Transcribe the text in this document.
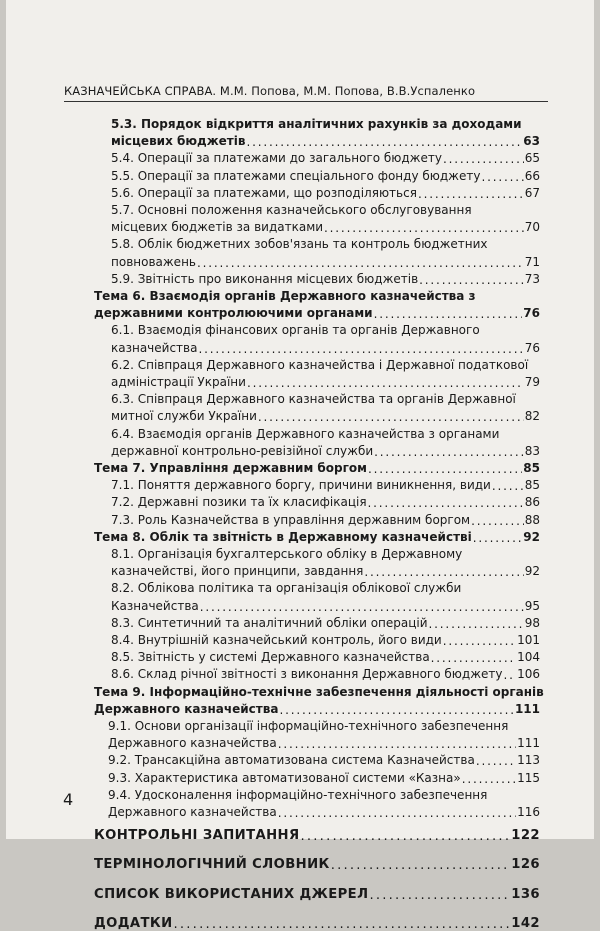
КАЗНАЧЕЙСЬКА СПРАВА. М.М. Попова, М.М. Попова, В.В.Успаленко
5.3. Порядок відкриття аналітичних рахунків за доходами
місцевих бюджетів . . .	63
5.4. Операції за платежами до загального бюджету . . .	65
5.5. Операції за платежами спеціального фонду бюджету . . .	66
5.6. Операції за платежами, що розподіляються . . .	67
5.7. Основні положення казначейського обслуговування
місцевих бюджетів за видатками . . .	70
5.8. Облік бюджетних зобов'язань та контроль бюджетних
повноважень . . .	71
5.9. Звітність про виконання місцевих бюджетів . . .	73
Тема 6. Взаємодія органів Державного казначейства з
державними контролюючими органами . . .	76
6.1. Взаємодія фінансових органів та органів Державного
казначейства . . .	76
6.2. Співпраця Державного казначейства і Державної податкової
адміністрації України . . .	79
6.3. Співпраця Державного казначейства та органів Державної
митної служби України . . .	82
6.4. Взаємодія органів Державного казначейства з органами
державної контрольно-ревізійної служби . . .	83
Тема 7. Управління державним боргом . . .	85
7.1. Поняття державного боргу, причини виникнення, види . . .	85
7.2. Державні позики та їх класифікація . . .	86
7.3. Роль Казначейства в управління державним боргом . . .	88
Тема 8. Облік та звітність в Державному казначействі . . .	92
8.1. Організація бухгалтерського обліку в Державному
казначействі, його принципи, завдання . . .	92
8.2. Облікова політика та організація облікової служби
Казначейства . . .	95
8.3. Синтетичний та аналітичний обліки операцій . . .	98
8.4. Внутрішній казначейський контроль, його види . . .	101
8.5. Звітність у системі Державного казначейства . . .	104
8.6. Склад річної звітності з виконання Державного бюджету . . . 106
Тема 9. Інформаційно-технічне забезпечення діяльності органів
Державного казначейства . . .	111
9.1. Основи організації інформаційно-технічного забезпечення
Державного казначейства . . .	111
9.2. Трансакційна автоматизована система Казначейства . . .	113
9.3. Характеристика автоматизованої системи «Казна» . . .	115
9.4. Удосконалення інформаційно-технічного забезпечення
Державного казначейства . . .	116
КОНТРОЛЬНІ ЗАПИТАННЯ . . .	122
ТЕРМІНОЛОГІЧНИЙ СЛОВНИК . . .	126
СПИСОК ВИКОРИСТАНИХ ДЖЕРЕЛ . . .	136
ДОДАТКИ . . .	142
4
